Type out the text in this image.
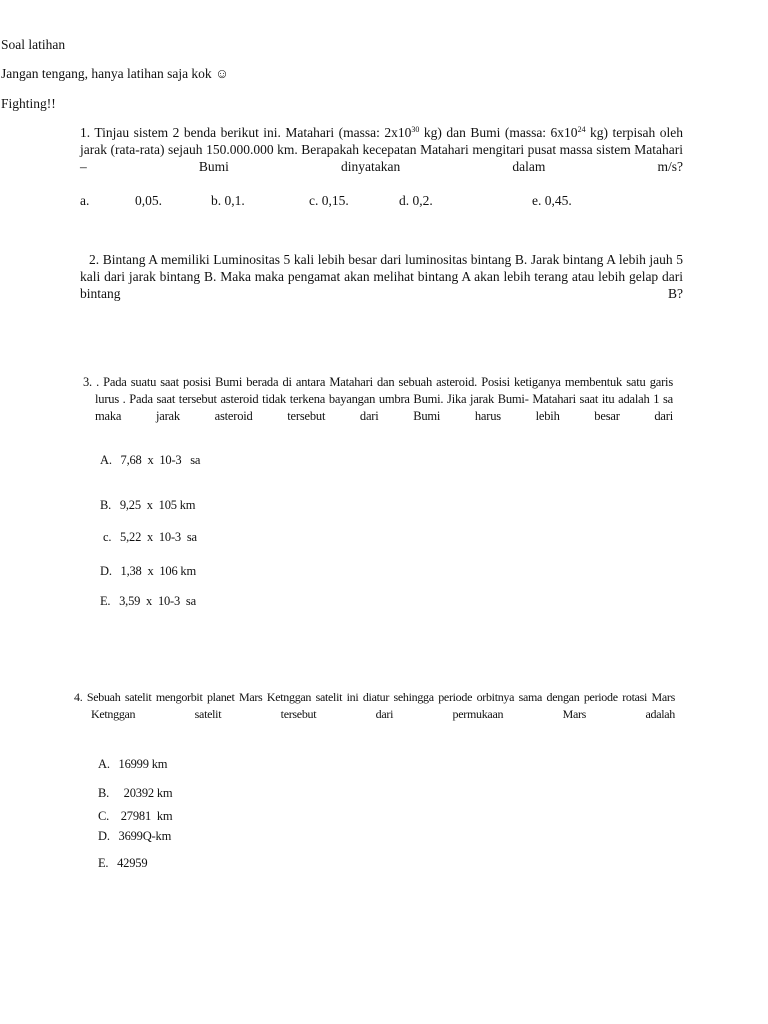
Soal latihan
Jangan tengang, hanya latihan saja kok ☺
Fighting!!
1. Tinjau sistem 2 benda berikut ini. Matahari (massa: $2x10^{30}$ kg) dan Bumi (massa: $6x10^{24}$ kg) terpisah oleh jarak (rata-rata) sejauh 150.000.000 km. Berapakah kecepatan Matahari mengitari pusat massa sistem Matahari – Bumi dinyatakan dalam m/s?
a.	0,05.	b. 0,1.	c. 0,15.	d. 0,2.	e. 0,45.
2. Bintang A memiliki Luminositas 5 kali lebih besar dari luminositas bintang B. Jarak bintang A lebih jauh 5 kali dari jarak bintang B. Maka maka pengamat akan melihat bintang A akan lebih terang atau lebih gelap dari bintang B?
3. . Pada suatu saat posisi Bumi berada di antara Matahari dan sebuah asteroid. Posisi ketiganya membentuk satu garis lurus . Pada saat tersebut asteroid tidak terkena bayangan umbra Bumi. Jika jarak Bumi- Matahari saat itu adalah 1 sa maka jarak asteroid tersebut dari Bumi harus lebih besar dari
A.   7,68  x  10-3   sa
B.   9,25  x  105 km
c.   5,22  x  10-3  sa
D.   1,38  x  106 km
E.   3,59  x  10-3  sa
4. Sebuah satelit mengorbit planet Mars Ketnggan satelit ini diatur sehingga periode orbitnya sama dengan periode rotasi Mars Ketnggan satelit tersebut dari permukaan Mars adalah
A.   16999 km
B.     20392 km
C.    27981  km
D.   3699Q-km
E.   42959
